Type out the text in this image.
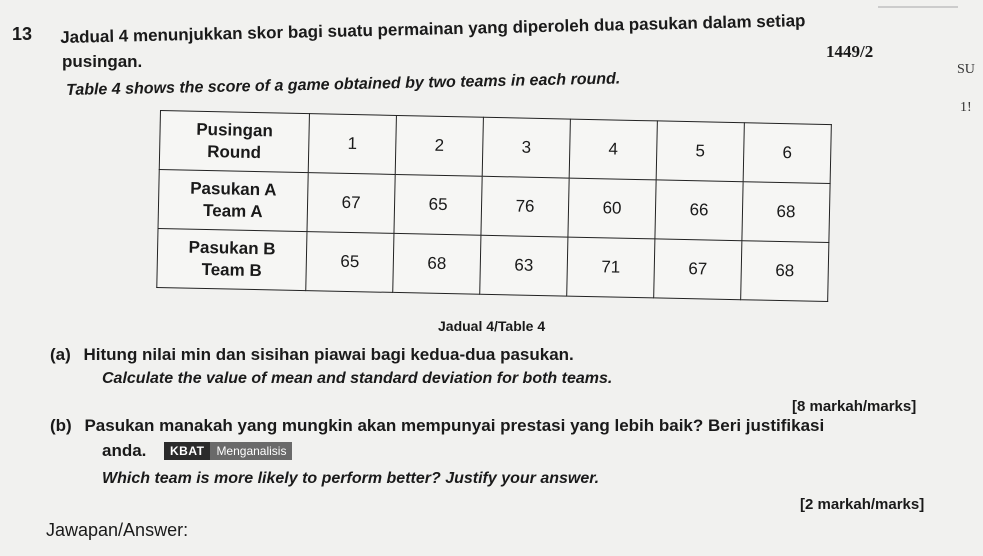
13 Jadual 4 menunjukkan skor bagi suatu permainan yang diperoleh dua pasukan dalam setiap
pusingan.
Table 4 shows the score of a game obtained by two teams in each round.
1449/2
SU
1!
Pusingan
Round	1	2	3	4	5	6

Pasukan A
Team A	67	65	76	60	66	68

Pasukan B
Team B	65	68	63	71	67	68
Jadual 4/Table 4
(a) Hitung nilai min dan sisihan piawai bagi kedua-dua pasukan.
Calculate the value of mean and standard deviation for both teams.
[8 markah/marks]
(b) Pasukan manakah yang mungkin akan mempunyai prestasi yang lebih baik? Beri justifikasi
anda.	KBAT	Menganalisis
Which team is more likely to perform better? Justify your answer.
[2 markah/marks]
Jawapan/Answer:
